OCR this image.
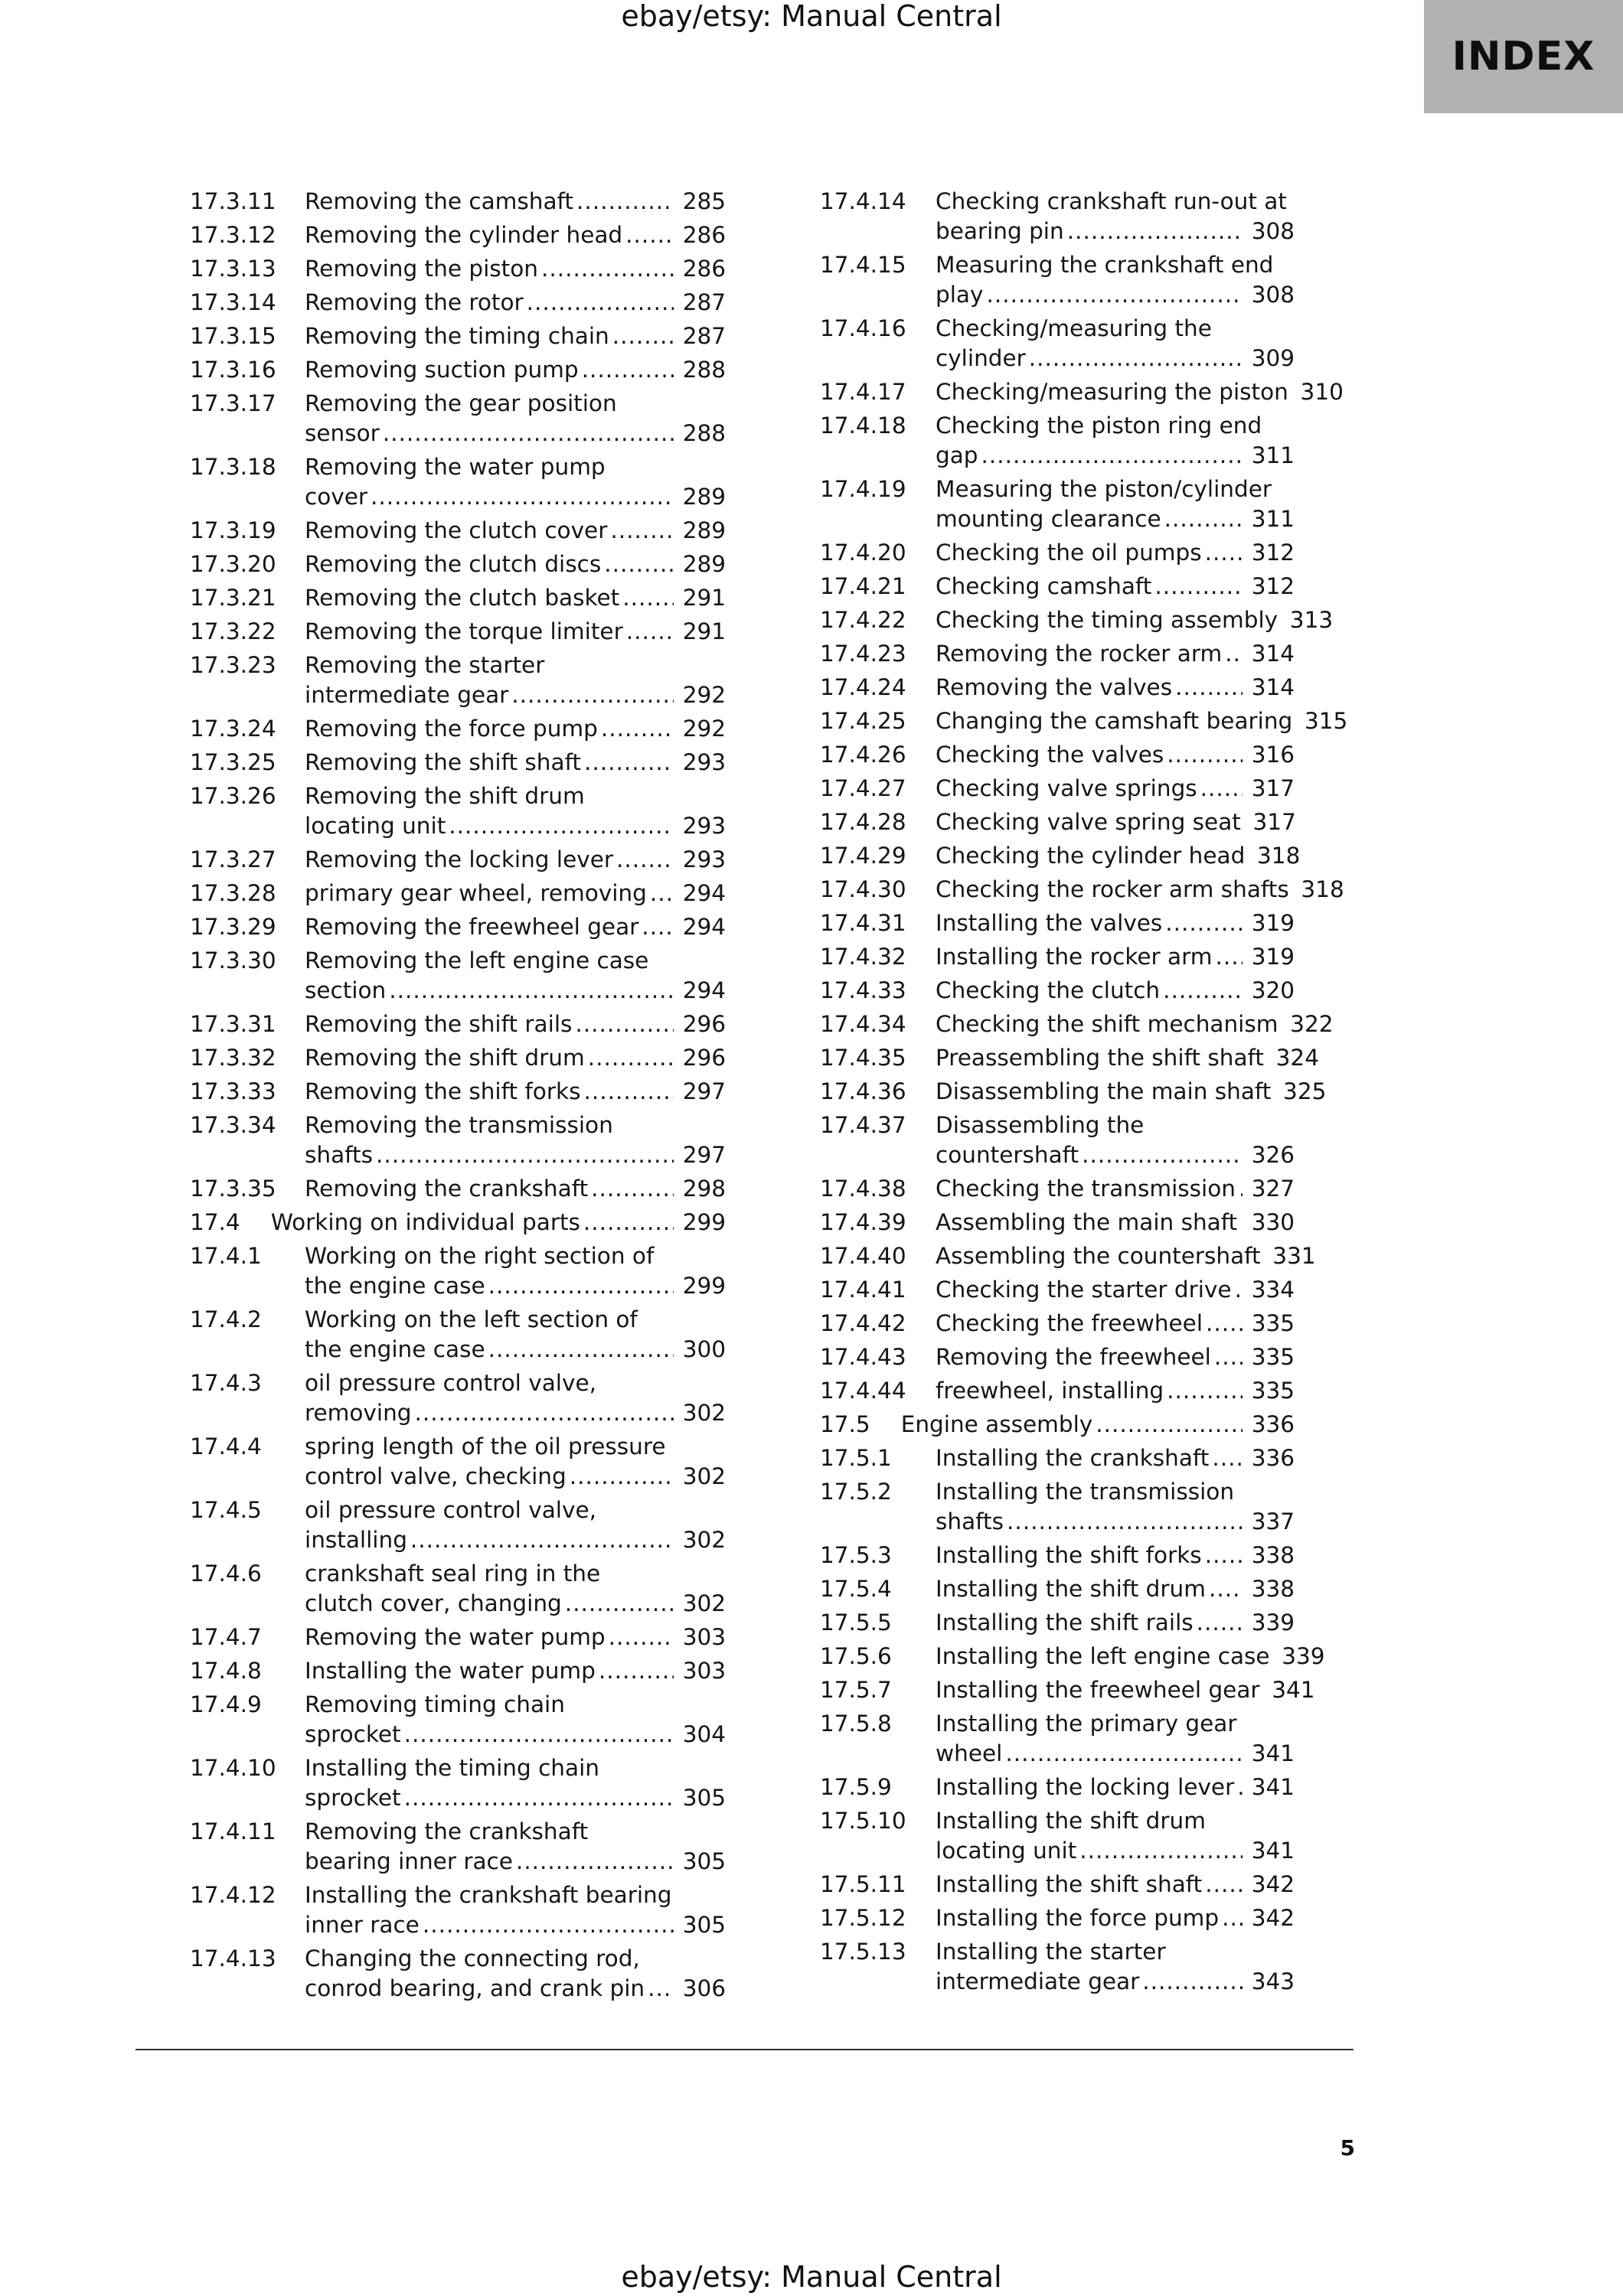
ebay/etsy: Manual Central
INDEX
17.3.11 Removing the camshaft .....	285
17.3.12 Removing the cylinder head .....	286
17.3.13 Removing the piston .....	286
17.3.14 Removing the rotor .....	287
17.3.15 Removing the timing chain .....	287
17.3.16 Removing suction pump .....	288
17.3.17 Removing the gear position
sensor .....	288
17.3.18 Removing the water pump
cover .....	289
17.3.19 Removing the clutch cover .....	289
17.3.20 Removing the clutch discs .....	289
17.3.21 Removing the clutch basket .....	291
17.3.22 Removing the torque limiter .....	291
17.3.23 Removing the starter
intermediate gear .....	292
17.3.24 Removing the force pump .....	292
17.3.25 Removing the shift shaft .....	293
17.3.26 Removing the shift drum
locating unit .....	293
17.3.27 Removing the locking lever .....	293
17.3.28 primary gear wheel, removing ..... 294
17.3.29 Removing the freewheel gear ..... 294
17.3.30 Removing the left engine case
section .....	294
17.3.31 Removing the shift rails .....	296
17.3.32 Removing the shift drum .....	296
17.3.33 Removing the shift forks .....	297
17.3.34 Removing the transmission
shafts .....	297
17.3.35 Removing the crankshaft .....	298
17.4 Working on individual parts .....	299
17.4.1 Working on the right section of
the engine case .....	299
17.4.2 Working on the left section of
the engine case .....	300
17.4.3 oil pressure control valve,
removing .....	302
17.4.4 spring length of the oil pressure
control valve, checking .....	302
17.4.5 oil pressure control valve,
installing .....	302
17.4.6 crankshaft seal ring in the
clutch cover, changing .....	302
17.4.7 Removing the water pump .....	303
17.4.8 Installing the water pump .....	303
17.4.9 Removing timing chain
sprocket .....	304
17.4.10 Installing the timing chain
sprocket .....	305
17.4.11 Removing the crankshaft
bearing inner race .....	305
17.4.12 Installing the crankshaft bearing
inner race .....	305
17.4.13 Changing the connecting rod,
conrod bearing, and crank pin ..... 306
17.4.14 Checking crankshaft run-out at
bearing pin .....	308
17.4.15 Measuring the crankshaft end
play .....	308
17.4.16 Checking/measuring the
cylinder .....	309
17.4.17 Checking/measuring the piston 310
17.4.18 Checking the piston ring end
gap .....	311
17.4.19 Measuring the piston/cylinder
mounting clearance .....	311
17.4.20 Checking the oil pumps ..... 312
17.4.21 Checking camshaft .....	312
17.4.22 Checking the timing assembly 313
17.4.23 Removing the rocker arm ..... 314
17.4.24 Removing the valves .....	314
17.4.25 Changing the camshaft bearing 315
17.4.26 Checking the valves .....	316
17.4.27 Checking valve springs ..... 317
17.4.28 Checking valve spring seat 317
17.4.29 Checking the cylinder head 318
17.4.30 Checking the rocker arm shafts 318
17.4.31 Installing the valves .....	319
17.4.32 Installing the rocker arm ..... 319
17.4.33 Checking the clutch .....	320
17.4.34 Checking the shift mechanism 322
17.4.35 Preassembling the shift shaft 324
17.4.36 Disassembling the main shaft 325
17.4.37 Disassembling the
countershaft .....	326
17.4.38 Checking the transmission ..... 327
17.4.39 Assembling the main shaft ..... 330
17.4.40 Assembling the countershaft 331
17.4.41 Checking the starter drive ..... 334
17.4.42 Checking the freewheel ..... 335
17.4.43 Removing the freewheel ..... 335
17.4.44 freewheel, installing .....	335
17.5 Engine assembly .....	336
17.5.1 Installing the crankshaft ..... 336
17.5.2 Installing the transmission
shafts .....	337
17.5.3 Installing the shift forks ..... 338
17.5.4 Installing the shift drum ..... 338
17.5.5 Installing the shift rails .....	339
17.5.6 Installing the left engine case 339
17.5.7 Installing the freewheel gear 341
17.5.8 Installing the primary gear
wheel .....	341
17.5.9 Installing the locking lever ..... 341
17.5.10 Installing the shift drum
locating unit .....	341
17.5.11 Installing the shift shaft ..... 342
17.5.12 Installing the force pump ..... 342
17.5.13 Installing the starter
intermediate gear .....	343
5
ebay/etsy: Manual Central
